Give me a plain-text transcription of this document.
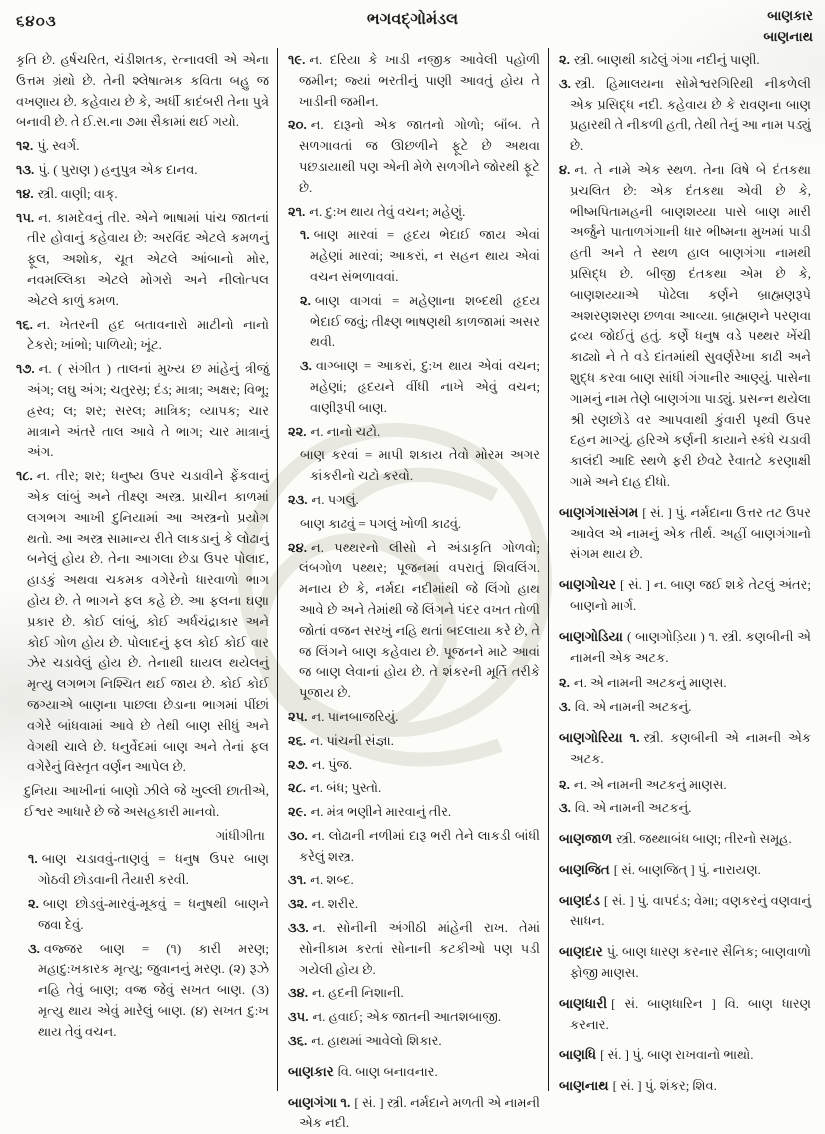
૬૪૦૩	ભગવદ્ગોમંડલ	બાણકાર
બાણનાથ

કૃતિ છે. હર્ષચરિત, ચંડીશતક, રત્નાવલી એ એના ઉત્તમ ગ્રંથો છે. તેની શ્લેષાત્મક કવિતા બહુ જ વખણાય છે. કહેવાય છે કે, અર્ધી કાદંબરી તેના પુત્રે બનાવી છે. તે ઈ.સ.ના ૭મા સૈકામાં થઈ ગયો.

૧૨. પું. સ્વર્ગ.

૧૩. પું. ( પુરાણ ) હનુપુત્ર એક દાનવ.

૧૪. સ્ત્રી. વાણી; વાક્.

૧૫. ન. કામદેવનું તીર. એને ભાષામાં પાંચ જાતનાં તીર હોવાનું કહેવાય છે: અરવિંદ એટલે કમળનું ફૂલ, અશોક, ચૂત એટલે આંબાનો મોર, નવમલ્લિકા એટલે મોગરો અને નીલોત્પલ એટલે કાળું કમળ.

૧૬. ન. ખેતરની હદ બતાવનારો માટીનો નાનો ટેકરો; ખાંભો; પાળિયો; ખૂંટ.

૧૭. ન. ( સંગીત ) તાલનાં મુખ્ય છ માંહેનું ત્રીજું અંગ; લઘુ અંગ; ચતુરસ્ર; દંડ; માત્રા; અક્ષર; વિભૂ; હ્રસ્વ; લ; શર; સરલ; માત્રિક; વ્યાપક; ચાર માત્રાને અંતરે તાલ આવે તે ભાગ; ચાર માત્રાનું અંગ.

૧૮. ન. તીર; શર; ધનુષ્ય ઉપર ચડાવીને ફેંકવાનું એક લાંબું અને તીક્ષ્ણ અસ્ત્ર. પ્રાચીન કાળમાં લગભગ આખી દુનિયામાં આ અસ્ત્રનો પ્રયોગ થતો. આ અસ્ત્ર સામાન્ય રીતે લાકડાનું કે લોઢાનું બનેલું હોય છે. તેના આગલા છેડા ઉપર પોલાદ, હાડકું અથવા ચકમક વગેરેનો ધારવાળો ભાગ હોય છે. તે ભાગને ફલ કહે છે. આ ફલના ઘણા પ્રકાર છે. કોઈ લાંબું, કોઈ અર્ધચંદ્રાકાર અને કોઈ ગોળ હોય છે. પોલાદનું ફલ કોઈ કોઈ વાર ઝેર ચડાવેલું હોય છે. તેનાથી ઘાયલ થયેલનું મૃત્યુ લગભગ નિશ્ચિત થઈ જાય છે. કોઈ કોઈ જગ્યાએ બાણના પાછલા છેડાના ભાગમાં પીંછાં વગેરે બાંધવામાં આવે છે તેથી બાણ સીધું અને વેગથી ચાલે છે. ધનુર્વેદમાં બાણ અને તેનાં ફલ વગેરેનું વિસ્તૃત વર્ણન આપેલ છે.

દુનિયા આખીનાં બાણો ઝીલે જે ખુલ્લી છાતીએ, ઈશ્વર આધારે છે જે અસહકારી માનવો.

ગાંધીગીતા

૧. બાણ ચડાવવું-તાણવું = ધનુષ ઉપર બાણ ગોઠવી છોડવાની તૈયારી કરવી.

૨. બાણ છોડવું-મારવું-મૂકવું = ધનુષથી બાણને જવા દેવું.

૩. વજ્જર બાણ = (૧) કારી મરણ; મહાદુ:ખકારક મૃત્યુ; જુવાનનું મરણ. (૨) રૂઝે નહિ તેવું બાણ; વજ્ર જેવું સખત બાણ. (૩) મૃત્યુ થાય એવું મારેલું બાણ. (૪) સખત દુ:ખ થાય તેવું વચન.

૧૯. ન. દરિયા કે ખાડી નજીક આવેલી પહોળી જમીન; જ્યાં ભરતીનું પાણી આવતું હોય તે ખાડીની જમીન.

૨૦. ન. દારૂનો એક જાતનો ગોળો; બૉંબ. તે સળગાવતાં જ ઊછળીને ફૂટે છે અથવા પછડાયાથી પણ એની મેળે સળગીને જોરથી ફૂટે છે.

૨૧. ન. દુ:ખ થાય તેવું વચન; મહેણું.

૧. બાણ મારવાં = હૃદય ભેદાઈ જાય એવાં મહેણાં મારવાં; આકરાં, ન સહન થાય એવાં વચન સંભળાવવાં.

૨. બાણ વાગવાં = મહેણાના શબ્દથી હૃદય ભેદાઈ જવું; તીક્ષ્ણ ભાષણથી કાળજામાં અસર થવી.

૩. વાગ્બાણ = આકરાં, દુ:ખ થાય એવાં વચન; મહેણાં; હૃદયને વીંધી નાખે એવું વચન; વાણીરૂપી બાણ.

૨૨. ન. નાનો ચટો.

બાણ કરવાં = માપી શકાય તેવો મોરમ અગર કાંકરીનો ચટો કરવો.

૨૩. ન. પગલું.

બાણ કાઢવું = પગલું ખોળી કાઢવું.

૨૪. ન. પથ્થરનો લીસો ને અંડાકૃતિ ગોળવો; લંબગોળ પથ્થર; પૂજનમાં વપરાતું શિવલિંગ. મનાય છે કે, નર્મદા નદીમાંથી જે લિંગો હાથ આવે છે અને તેમાંથી જે લિંગને પંદર વખત તોળી જોતાં વજન સરખું નહિ થતાં બદલાયા કરે છે, તે જ લિંગને બાણ કહેવાય છે. પૂજનને માટે આવાં જ બાણ લેવાનાં હોય છે. તે શંકરની મૂર્તિ તરીકે પૂજાય છે.

૨૫. ન. પાનબાજરિયું.

૨૬. ન. પાંચની સંજ્ઞા.

૨૭. ન. પુંજ.

૨૮. ન. બંધ; પુસ્તો.

૨૯. ન. મંત્ર ભણીને મારવાનું તીર.

૩૦. ન. લોઢાની નળીમાં દારૂ ભરી તેને લાકડી બાંધી કરેલું શસ્ત્ર.

૩૧. ન. શબ્દ.

૩૨. ન. શરીર.

૩૩. ન. સોનીની અંગીઠી માંહેની રાખ. તેમાં સોનીકામ કરતાં સોનાની કટકીઓ પણ પડી ગયેલી હોય છે.

૩૪. ન. હદની નિશાની.

૩૫. ન. હવાઈ; એક જાતની આતશબાજી.

૩૬. ન. હાથમાં આવેલો શિકાર.

બાણકાર વિ. બાણ બનાવનાર.

બાણગંગા ૧. [ સં. ] સ્ત્રી. નર્મદાને મળતી એ નામની એક નદી.

૨. સ્ત્રી. બાણથી કાઢેલું ગંગા નદીનું પાણી.

૩. સ્ત્રી. હિમાલયના સોમેશ્વરગિરિથી નીકળેલી એક પ્રસિદ્ધ નદી. કહેવાય છે કે રાવણના બાણ પ્રહારથી તે નીકળી હતી, તેથી તેનું આ નામ પડ્યું છે.

૪. ન. તે નામે એક સ્થળ. તેના વિષે બે દંતકથા પ્રચલિત છે: એક દંતકથા એવી છે કે, ભીષ્મપિતામહની બાણશય્યા પાસે બાણ મારી અર્જુને પાતાળગંગાની ધાર ભીષ્મના મુખમાં પાડી હતી અને તે સ્થળ હાલ બાણગંગા નામથી પ્રસિદ્ધ છે. બીજી દંતકથા એમ છે કે, બાણશય્યાએ પોઢેલા કર્ણને બ્રાહ્મણરૂપે અશરણશરણ છળવા આવ્યા. બ્રાહ્મણને પરણવા દ્રવ્ય જોઈતું હતું. કર્ણે ધનુષ વડે પથ્થર ખેંચી કાઢ્યો ને તે વડે દાંતમાંથી સુવર્ણરેખા કાઢી અને શુદ્ધ કરવા બાણ સાંધી ગંગાનીર આણ્યું. પાસેના ગામનું નામ તેણે બાણગંગા પાડ્યું. પ્રસન્ન થયેલા શ્રી રણછોડે વર આપવાથી કુંવારી પૃથ્વી ઉપર દહન માગ્યું. હરિએ કર્ણની કાયાને સ્કંધે ચડાવી કાલંદી આદિ સ્થળે ફરી છેવટે રેવાતટે કરણાક્ષી ગામે અને દાહ દીધો.

બાણગંગાસંગમ [ સં. ] પું. નર્મદાના ઉત્તર તટ ઉપર આવેલ એ નામનું એક તીર્થ. અહીં બાણગંગાનો સંગમ થાય છે.

બાણગોચર [ સં. ] ન. બાણ જઈ શકે તેટલું અંતર; બાણનો માર્ગ.

બાણગોડિયા ( બાણગોડ઼િયા ) ૧. સ્ત્રી. કણબીની એ નામની એક અટક.

૨. ન. એ નામની અટકનું માણસ.

૩. વિ. એ નામની અટકનું.

બાણગોરિયા ૧. સ્ત્રી. કણબીની એ નામની એક અટક.

૨. ન. એ નામની અટકનું માણસ.

૩. વિ. એ નામની અટકનું.

બાણજાળ સ્ત્રી. જથ્થાબંધ બાણ; તીરનો સમૂહ.

બાણજિત [ સં. બાણજિત્ ] પું. નારાયણ.

બાણદંડ [ સં. ] પું. વાપદંડ; વેમા; વણકરનું વણવાનું સાધન.

બાણદાર પું. બાણ ધારણ કરનાર સૈનિક; બાણવાળો ફોજી માણસ.

બાણધારી [ સં. બાણધારિન ] વિ. બાણ ધારણ કરનાર.

બાણધિ [ સં. ] પું. બાણ રાખવાનો ભાથો.

બાણનાથ [ સં. ] પું. શંકર; શિવ.
